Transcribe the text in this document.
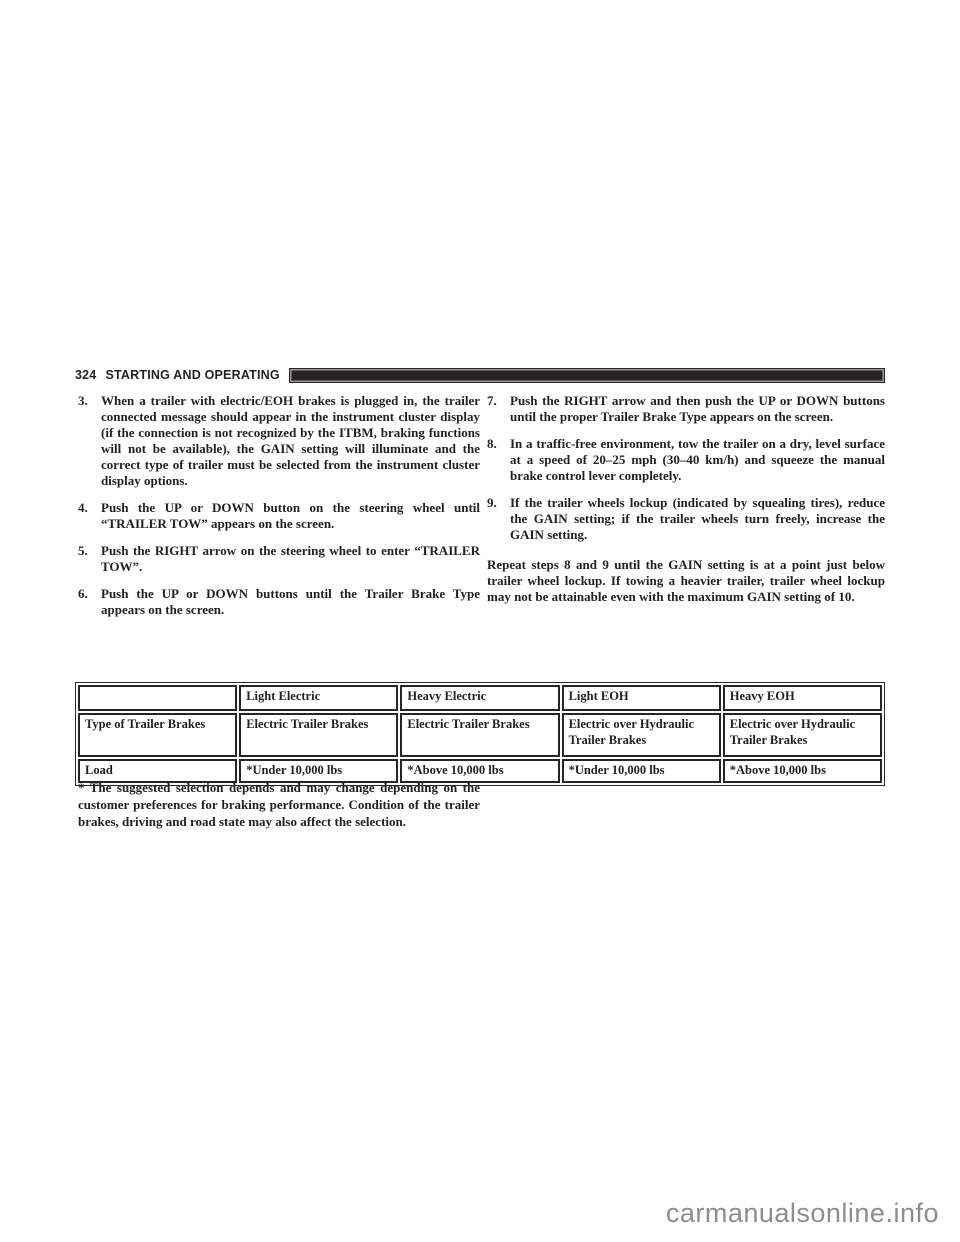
324 STARTING AND OPERATING
3. When a trailer with electric/EOH brakes is plugged in, the trailer connected message should appear in the instrument cluster display (if the connection is not recognized by the ITBM, braking functions will not be available), the GAIN setting will illuminate and the correct type of trailer must be selected from the instrument cluster display options.
4. Push the UP or DOWN button on the steering wheel until “TRAILER TOW” appears on the screen.
5. Push the RIGHT arrow on the steering wheel to enter “TRAILER TOW”.
6. Push the UP or DOWN buttons until the Trailer Brake Type appears on the screen.
7. Push the RIGHT arrow and then push the UP or DOWN buttons until the proper Trailer Brake Type appears on the screen.
8. In a traffic-free environment, tow the trailer on a dry, level surface at a speed of 20–25 mph (30–40 km/h) and squeeze the manual brake control lever completely.
9. If the trailer wheels lockup (indicated by squealing tires), reduce the GAIN setting; if the trailer wheels turn freely, increase the GAIN setting.
Repeat steps 8 and 9 until the GAIN setting is at a point just below trailer wheel lockup. If towing a heavier trailer, trailer wheel lockup may not be attainable even with the maximum GAIN setting of 10.
	Light Electric	Heavy Electric	Light EOH	Heavy EOH
Type of Trailer Brakes	Electric Trailer Brakes	Electric Trailer Brakes	Electric over Hydraulic Trailer Brakes	Electric over Hydraulic Trailer Brakes
Load	*Under 10,000 lbs	*Above 10,000 lbs	*Under 10,000 lbs	*Above 10,000 lbs

* The suggested selection depends and may change depending on the customer preferences for braking performance. Condition of the trailer brakes, driving and road state may also affect the selection.

carmanualsonline.info
